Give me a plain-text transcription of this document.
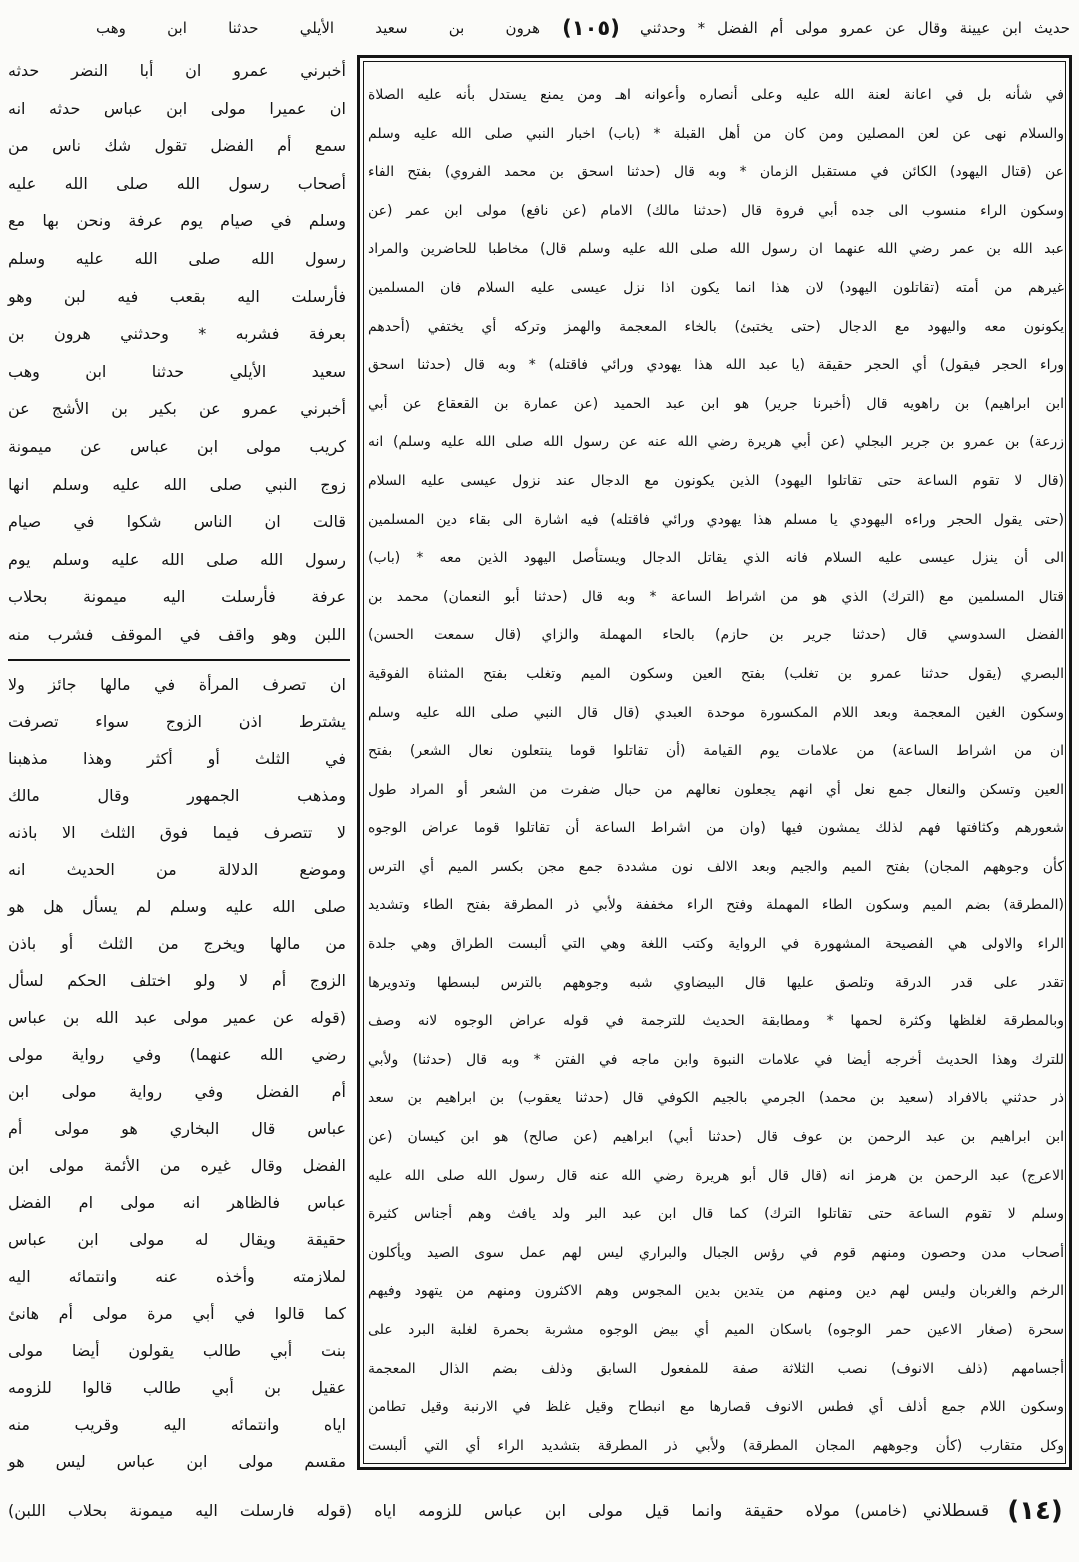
حديث ابن عيينة وقال عن عمرو مولى أم الفضل * وحدثني
(١٠٥)
هرون بن سعيد الأيلي حدثنا ابن وهب
في شأنه بل في اعانة لعنة الله عليه وعلى أنصاره وأعوانه اهـ ومن يمنع يستدل بأنه عليه الصلاة
والسلام نهى عن لعن المصلين ومن كان من أهل القبلة * (باب) اخبار النبي صلى الله عليه وسلم
عن (قتال اليهود) الكائن في مستقبل الزمان * وبه قال (حدثنا اسحق بن محمد الفروي) بفتح الفاء
وسكون الراء منسوب الى جده أبي فروة قال (حدثنا مالك) الامام (عن نافع) مولى ابن عمر (عن
عبد الله بن عمر رضي الله عنهما ان رسول الله صلى الله عليه وسلم قال) مخاطبا للحاضرين والمراد
غيرهم من أمته (تقاتلون اليهود) لان هذا انما يكون اذا نزل عيسى عليه السلام فان المسلمين
يكونون معه واليهود مع الدجال (حتى يختبئ) بالخاء المعجمة والهمز وتركه أي يختفي (أحدهم
وراء الحجر فيقول) أي الحجر حقيقة (يا عبد الله هذا يهودي ورائي فاقتله) * وبه قال (حدثنا اسحق
ابن ابراهيم) بن راهويه قال (أخبرنا جرير) هو ابن عبد الحميد (عن عمارة بن القعقاع عن أبي
زرعة) بن عمرو بن جرير البجلي (عن أبي هريرة رضي الله عنه عن رسول الله صلى الله عليه وسلم) انه
(قال لا تقوم الساعة حتى تقاتلوا اليهود) الذين يكونون مع الدجال عند نزول عيسى عليه السلام
(حتى يقول الحجر وراءه اليهودي يا مسلم هذا يهودي ورائي فاقتله) فيه اشارة الى بقاء دين المسلمين
الى أن ينزل عيسى عليه السلام فانه الذي يقاتل الدجال ويستأصل اليهود الذين معه * (باب)
قتال المسلمين مع (الترك) الذي هو من اشراط الساعة * وبه قال (حدثنا أبو النعمان) محمد بن
الفضل السدوسي قال (حدثنا جرير بن حازم) بالحاء المهملة والزاي (قال سمعت الحسن)
البصري (يقول حدثنا عمرو بن تغلب) بفتح العين وسكون الميم وتغلب بفتح المثناة الفوقية
وسكون الغين المعجمة وبعد اللام المكسورة موحدة العبدي (قال قال النبي صلى الله عليه وسلم
ان من اشراط الساعة) من علامات يوم القيامة (أن تقاتلوا قوما ينتعلون نعال الشعر) بفتح
العين وتسكن والنعال جمع نعل أي انهم يجعلون نعالهم من حبال ضفرت من الشعر أو المراد طول
شعورهم وكثافتها فهم لذلك يمشون فيها (وان من اشراط الساعة أن تقاتلوا قوما عراض الوجوه
كأن وجوههم المجان) بفتح الميم والجيم وبعد الالف نون مشددة جمع مجن بكسر الميم أي الترس
(المطرقة) بضم الميم وسكون الطاء المهملة وفتح الراء مخففة ولأبي ذر المطرقة بفتح الطاء وتشديد
الراء والاولى هي الفصيحة المشهورة في الرواية وكتب اللغة وهي التي ألبست الطراق وهي جلدة
تقدر على قدر الدرقة وتلصق عليها قال البيضاوي شبه وجوههم بالترس لبسطها وتدويرها
وبالمطرقة لغلظها وكثرة لحمها * ومطابقة الحديث للترجمة في قوله عراض الوجوه لانه وصف
للترك وهذا الحديث أخرجه أيضا في علامات النبوة وابن ماجه في الفتن * وبه قال (حدثنا) ولأبي
ذر حدثني بالافراد (سعيد بن محمد) الجرمي بالجيم الكوفي قال (حدثنا يعقوب) بن ابراهيم بن سعد
ابن ابراهيم بن عبد الرحمن بن عوف قال (حدثنا أبي) ابراهيم (عن صالح) هو ابن كيسان (عن
الاعرج) عبد الرحمن بن هرمز انه (قال قال أبو هريرة رضي الله عنه قال رسول الله صلى الله عليه
وسلم لا تقوم الساعة حتى تقاتلوا الترك) كما قال ابن عبد البر ولد يافث وهم أجناس كثيرة
أصحاب مدن وحصون ومنهم قوم في رؤس الجبال والبراري ليس لهم عمل سوى الصيد ويأكلون
الرخم والغربان وليس لهم دين ومنهم من يتدين بدين المجوس وهم الاكثرون ومنهم من يتهود وفيهم
سحرة (صغار الاعين حمر الوجوه) باسكان الميم أي بيض الوجوه مشربة بحمرة لغلبة البرد على
أجسامهم (ذلف الانوف) نصب الثلاثة صفة للمفعول السابق وذلف بضم الذال المعجمة
وسكون اللام جمع أذلف أي فطس الانوف قصارها مع انبطاح وقيل غلظ في الارنبة وقيل تطامن
وكل متقارب (كأن وجوههم المجان المطرقة) ولأبي ذر المطرقة بتشديد الراء أي التي ألبست
أخبرني عمرو ان أبا النضر حدثه
ان عميرا مولى ابن عباس حدثه انه
سمع أم الفضل تقول شك ناس من
أصحاب رسول الله صلى الله عليه
وسلم في صيام يوم عرفة ونحن بها مع
رسول الله صلى الله عليه وسلم
فأرسلت اليه بقعب فيه لبن وهو
بعرفة فشربه * وحدثني هرون بن
سعيد الأيلي حدثنا ابن وهب
أخبرني عمرو عن بكير بن الأشج عن
كريب مولى ابن عباس عن ميمونة
زوج النبي صلى الله عليه وسلم انها
قالت ان الناس شكوا في صيام
رسول الله صلى الله عليه وسلم يوم
عرفة فأرسلت اليه ميمونة بحلاب
اللبن وهو واقف في الموقف فشرب منه
ان تصرف المرأة في مالها جائز ولا
يشترط اذن الزوج سواء تصرفت
في الثلث أو أكثر وهذا مذهبنا
ومذهب الجمهور وقال مالك
لا تتصرف فيما فوق الثلث الا باذنه
وموضع الدلالة من الحديث انه
صلى الله عليه وسلم لم يسأل هل هو
من مالها ويخرج من الثلث أو باذن
الزوج أم لا ولو اختلف الحكم لسأل
(قوله عن عمير مولى عبد الله بن عباس
رضي الله عنهما) وفي رواية مولى
أم الفضل وفي رواية مولى ابن
عباس قال البخاري هو مولى أم
الفضل وقال غيره من الأئمة مولى ابن
عباس فالظاهر انه مولى ام الفضل
حقيقة ويقال له مولى ابن عباس
لملازمته وأخذه عنه وانتمائه اليه
كما قالوا في أبي مرة مولى أم هانئ
بنت أبي طالب يقولون أيضا مولى
عقيل بن أبي طالب قالوا للزومه
اياه وانتمائه اليه وقريب منه
مقسم مولى ابن عباس ليس هو
(١٤)
قسطلاني
(خامس)
مولاه حقيقة وانما قيل مولى ابن عباس للزومه اياه (قوله فارسلت اليه ميمونة بحلاب اللبن)
